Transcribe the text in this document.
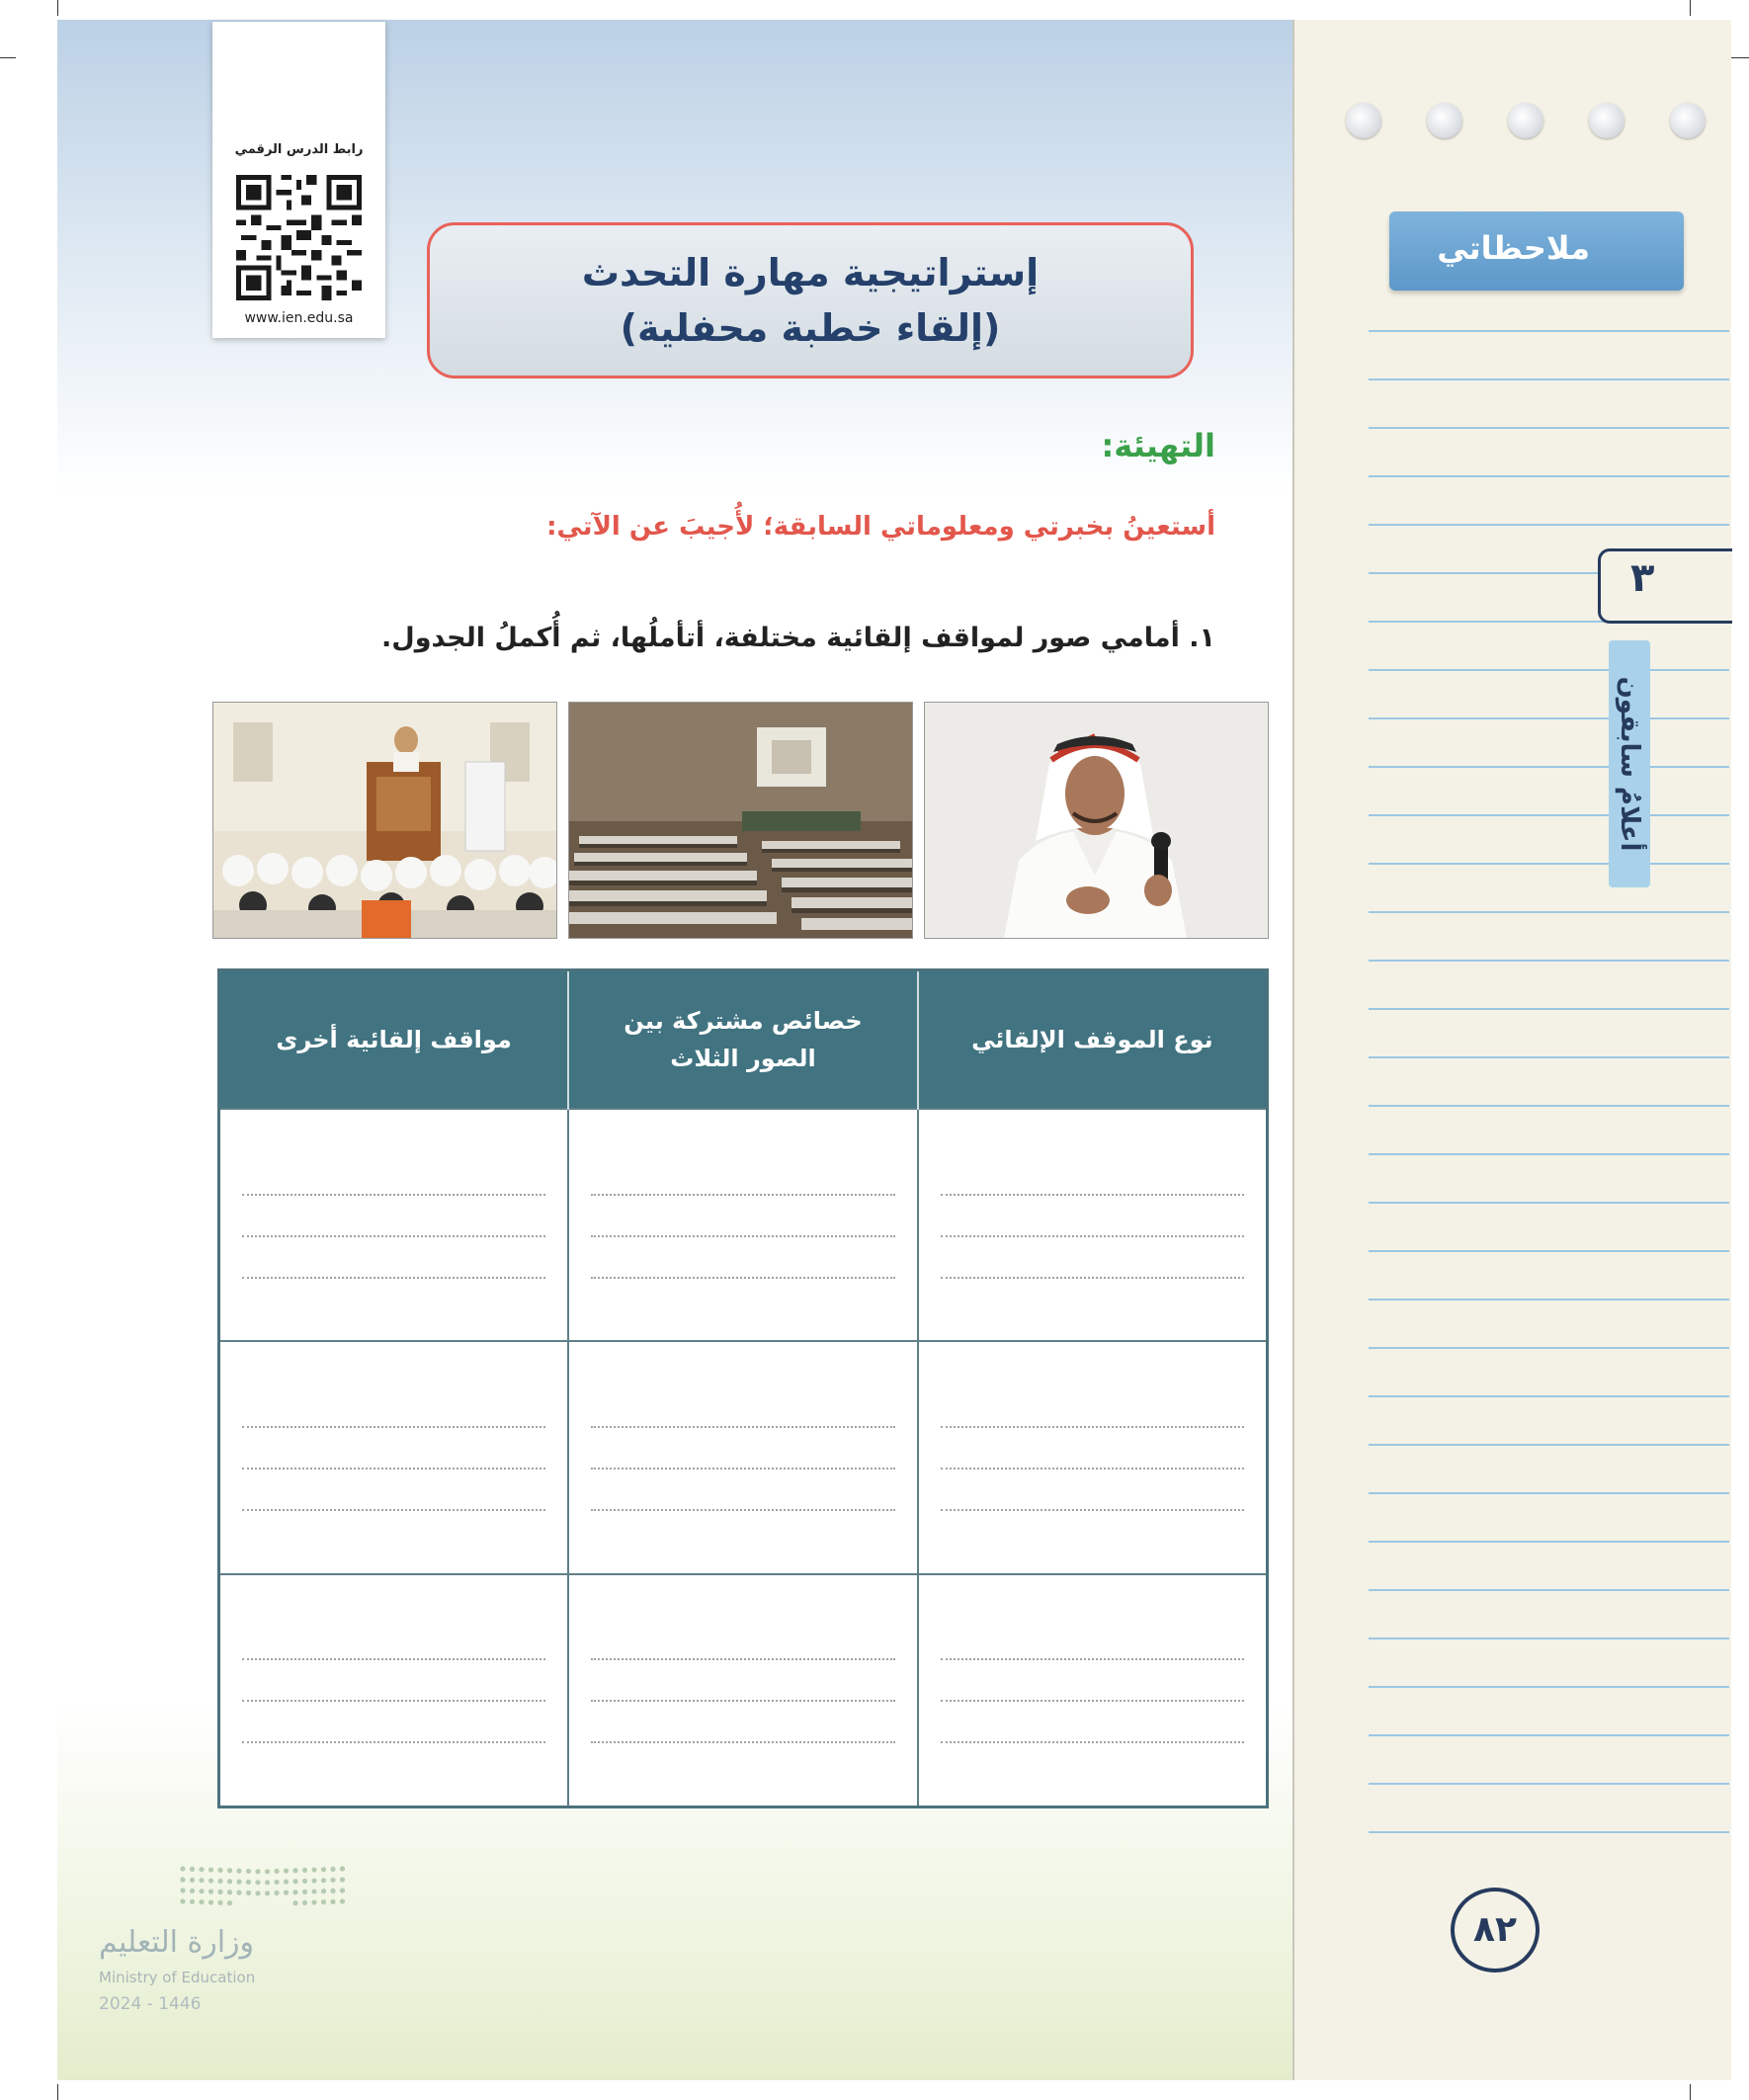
ملاحظاتي
٣
أعلامُ سابقون
٨٢
رابط الدرس الرقمي
www.ien.edu.sa
إستراتيجية مهارة التحدث
(إلقاء خطبة محفلية)
التهيئة:
أستعينُ بخبرتي ومعلوماتي السابقة؛ لأُجيبَ عن الآتي:
١. أمامي صور لمواقف إلقائية مختلفة، أتأملُها، ثم أُكملُ الجدول.
مواقف إلقائية أخرى	خصائص مشتركة بين الصور الثلاث	نوع الموقف الإلقائي

وزارة التعليم
Ministry of Education
2024 - 1446
